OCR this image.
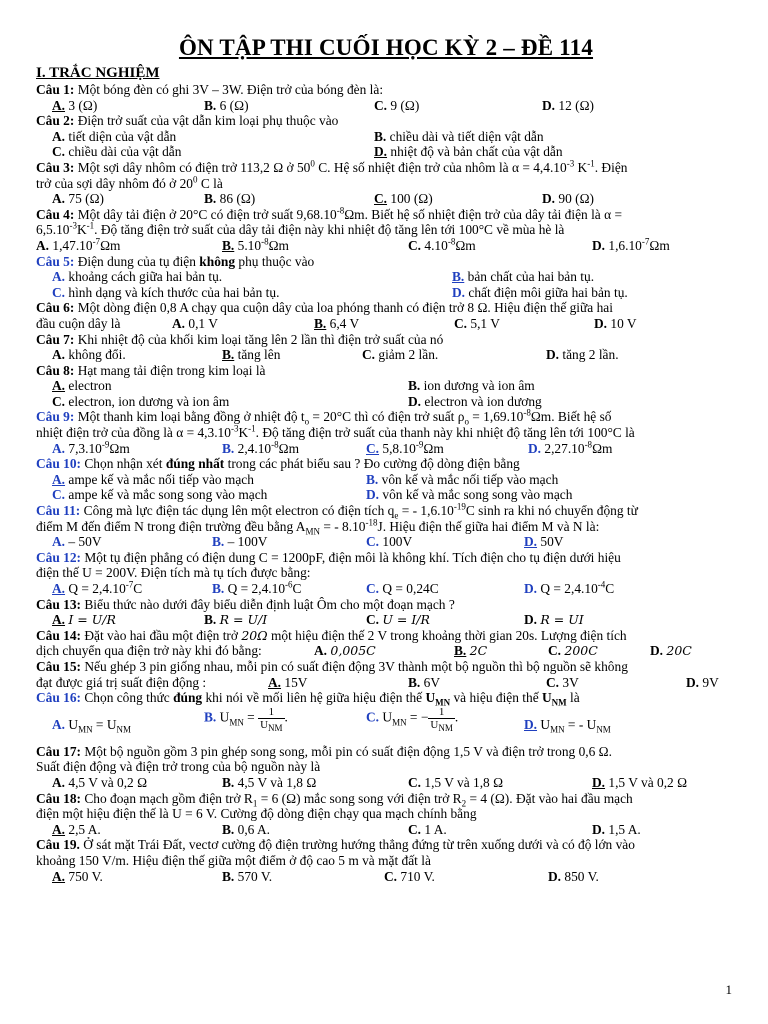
ÔN TẬP THI CUỐI HỌC KỲ 2 – ĐỀ 114
I. TRẮC NGHIỆM
Câu 1: Một bóng đèn có ghi 3V – 3W. Điện trở của bóng đèn là:
A. 3 (Ω)	B. 6 (Ω)	C. 9 (Ω)	D. 12 (Ω)
Câu 2: Điện trở suất của vật dẫn kim loại phụ thuộc vào
A. tiết diện của vật dẫn	B. chiều dài và tiết diện vật dẫn
C. chiều dài của vật dẫn	D. nhiệt độ và bản chất của vật dẫn
Câu 3: Một sợi dây nhôm có điện trở 113,2 Ω ở $50^0$ C. Hệ số nhiệt điện trở của nhôm là $\alpha = 4,4.10^{-3}$ $K^{-1}$. Điện
trở của sợi dây nhôm đó ở $20^0$ C là
A. 75 (Ω)	B. 86 (Ω)	C. 100 (Ω)	D. 90 (Ω)
Câu 4: Một dây tải điện ở 20°C có điện trở suất $9,68.10^{-8}\Omega m$. Biết hệ số nhiệt điện trở của dây tải điện là α =
$6,5.10^{-3}K^{-1}$. Độ tăng điện trở suất của dây tải điện này khi nhiệt độ tăng lên tới 100°C về mùa hè là
A. $1,47.10^{-7}\Omega m$	B. $5.10^{-8}\Omega m$	C. $4.10^{-8}\Omega m$	D. $1,6.10^{-7}\Omega m$
Câu 5: Điện dung của tụ điện không phụ thuộc vào
A. khoảng cách giữa hai bản tụ.	B. bản chất của hai bản tụ.
C. hình dạng và kích thước của hai bản tụ.	D. chất điện môi giữa hai bản tụ.
Câu 6: Một dòng điện 0,8 A chạy qua cuộn dây của loa phóng thanh có điện trở 8 Ω. Hiệu điện thế giữa hai
đầu cuộn dây là	A. 0,1 V	B. 6,4 V	C. 5,1 V	D. 10 V
Câu 7: Khi nhiệt độ của khối kim loại tăng lên 2 lần thì điện trở suất của nó
A. không đổi.	B. tăng lên	C. giảm 2 lần.	D. tăng 2 lần.
Câu 8: Hạt mang tải điện trong kim loại là
A. electron	B. ion dương và ion âm
C. electron, ion dương và ion âm	D. electron và ion dương
Câu 9: Một thanh kim loại bằng đồng ở nhiệt độ $t_o = 20^\circ C$ thì có điện trở suất $\rho_o = 1,69.10^{-8}\Omega m$. Biết hệ số
nhiệt điện trở của đồng là $\alpha = 4,3.10^{-3}K^{-1}$. Độ tăng điện trở suất của thanh này khi nhiệt độ tăng lên tới 100°C là
A. $7,3.10^{-9}\Omega m$	B. $2,4.10^{-8}\Omega m$	C. $5,8.10^{-9}\Omega m$	D. $2,27.10^{-8}\Omega m$
Câu 10: Chọn nhận xét đúng nhất trong các phát biểu sau ? Đo cường độ dòng điện bằng
A. ampe kế và mắc nối tiếp vào mạch	B. vôn kế và mắc nối tiếp vào mạch
C. ampe kế và mắc song song vào mạch	D. vôn kế và mắc song song vào mạch
Câu 11: Công mà lực điện tác dụng lên một electron có điện tích $q_e$ = - $1,6.10^{-19}C$ sinh ra khi nó chuyển động từ
điểm M đến điểm N trong điện trường đều bằng $A_{MN}$ = - $8.10^{-18}J$. Hiệu điện thế giữa hai điểm M và N là:
A. – 50V	B. – 100V	C. 100V	D. 50V
Câu 12: Một tụ điện phẳng có điện dung C = 1200pF, điện môi là không khí. Tích điện cho tụ điện dưới hiệu
điện thế U = 200V. Điện tích mà tụ tích được bằng:
A. $Q = 2,4.10^{-7}C$	B. $Q = 2,4.10^{-6}C$	C. Q = 0,24C	D. $Q = 2,4.10^{-4}C$
Câu 13: Biểu thức nào dưới đây biểu diễn định luật Ôm cho một đoạn mạch ?
A. I = U/R	B. R = U/I	C. U = I/R	D. R = UI
Câu 14: Đặt vào hai đầu một điện trở 20Ω một hiệu điện thế 2 V trong khoảng thời gian 20s. Lượng điện tích
dịch chuyển qua điện trở này khi đó bằng:	A. 0,005C	B. 2C	C. 200C	D. 20C
Câu 15: Nếu ghép 3 pin giống nhau, mỗi pin có suất điện động 3V thành một bộ nguồn thì bộ nguồn sẽ không
đạt được giá trị suất điện động :	A. 15V	B. 6V	C. 3V	D. 9V
Câu 16: Chọn công thức đúng khi nói về mối liên hệ giữa hiệu điện thế $U_{MN}$ và hiệu điện thế $U_{NM}$ là
A. $U_{MN} = U_{NM}$
B. $U_{MN} = \frac{1}{U_{NM}}$ .	C. $U_{MN}$ = − $\frac{1}{U_{NM}}$ .	D. $U_{MN}$ = - $U_{NM}$
Câu 17: Một bộ nguồn gồm 3 pin ghép song song, mỗi pin có suất điện động 1,5 V và điện trở trong 0,6 Ω.
Suất điện động và điện trở trong của bộ nguồn này là
A. 4,5 V và 0,2 Ω	B. 4,5 V và 1,8 Ω	C. 1,5 V và 1,8 Ω	D. 1,5 V và 0,2 Ω
Câu 18: Cho đoạn mạch gồm điện trở $R_1 = 6$ (Ω) mắc song song với điện trở $R_2 = 4$ (Ω). Đặt vào hai đầu mạch
điện một hiệu điện thế là U = 6 V. Cường độ dòng điện chạy qua mạch chính bằng
A. 2,5 A.	B. 0,6 A.	C. 1 A.	D. 1,5 A.
Câu 19. Ở sát mặt Trái Đất, vectơ cường độ điện trường hướng thẳng đứng từ trên xuống dưới và có độ lớn vào
khoảng 150 V/m. Hiệu điện thế giữa một điểm ở độ cao 5 m và mặt đất là
A. 750 V.	B. 570 V.	C. 710 V.	D. 850 V.
1
